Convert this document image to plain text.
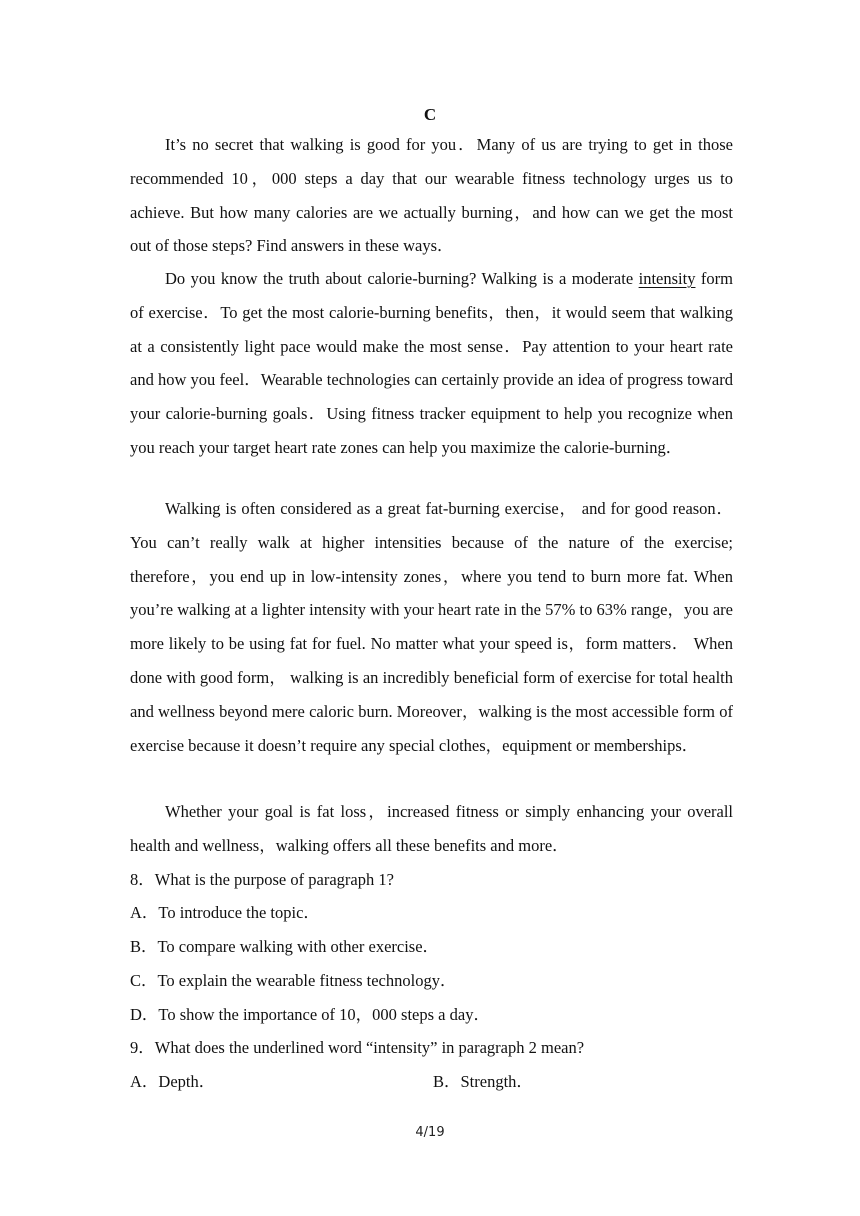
C

It’s no secret that walking is good for you．Many of us are trying to get in those recommended 10，000 steps a day that our wearable fitness technology urges us to achieve. But how many calories are we actually burning，and how can we get the most out of those steps? Find answers in these ways．

Do you know the truth about calorie-burning? Walking is a moderate intensity form of exercise．To get the most calorie-burning benefits，then，it would seem that walking at a consistently light pace would make the most sense．Pay attention to your heart rate and how you feel．Wearable technologies can certainly provide an idea of progress toward your calorie-burning goals．Using fitness tracker equipment to help you recognize when you reach your target heart rate zones can help you maximize the calorie-burning．

Walking is often considered as a great fat-burning exercise， and for good reason． You can’t really walk at higher intensities because of the nature of the exercise; therefore，you end up in low-intensity zones，where you tend to burn more fat. When you’re walking at a lighter intensity with your heart rate in the 57% to 63% range，you are more likely to be using fat for fuel. No matter what your speed is，form matters． When done with good form， walking is an incredibly beneficial form of exercise for total health and wellness beyond mere caloric burn. Moreover，walking is the most accessible form of exercise because it doesn’t require any special clothes，equipment or memberships．

Whether your goal is fat loss，increased fitness or simply enhancing your overall health and wellness，walking offers all these benefits and more．

8．What is the purpose of paragraph 1?

A．To introduce the topic．

B．To compare walking with other exercise．

C．To explain the wearable fitness technology．

D．To show the importance of 10，000 steps a day．

9．What does the underlined word “intensity” in paragraph 2 mean?

A．Depth．	B．Strength．
4/19
